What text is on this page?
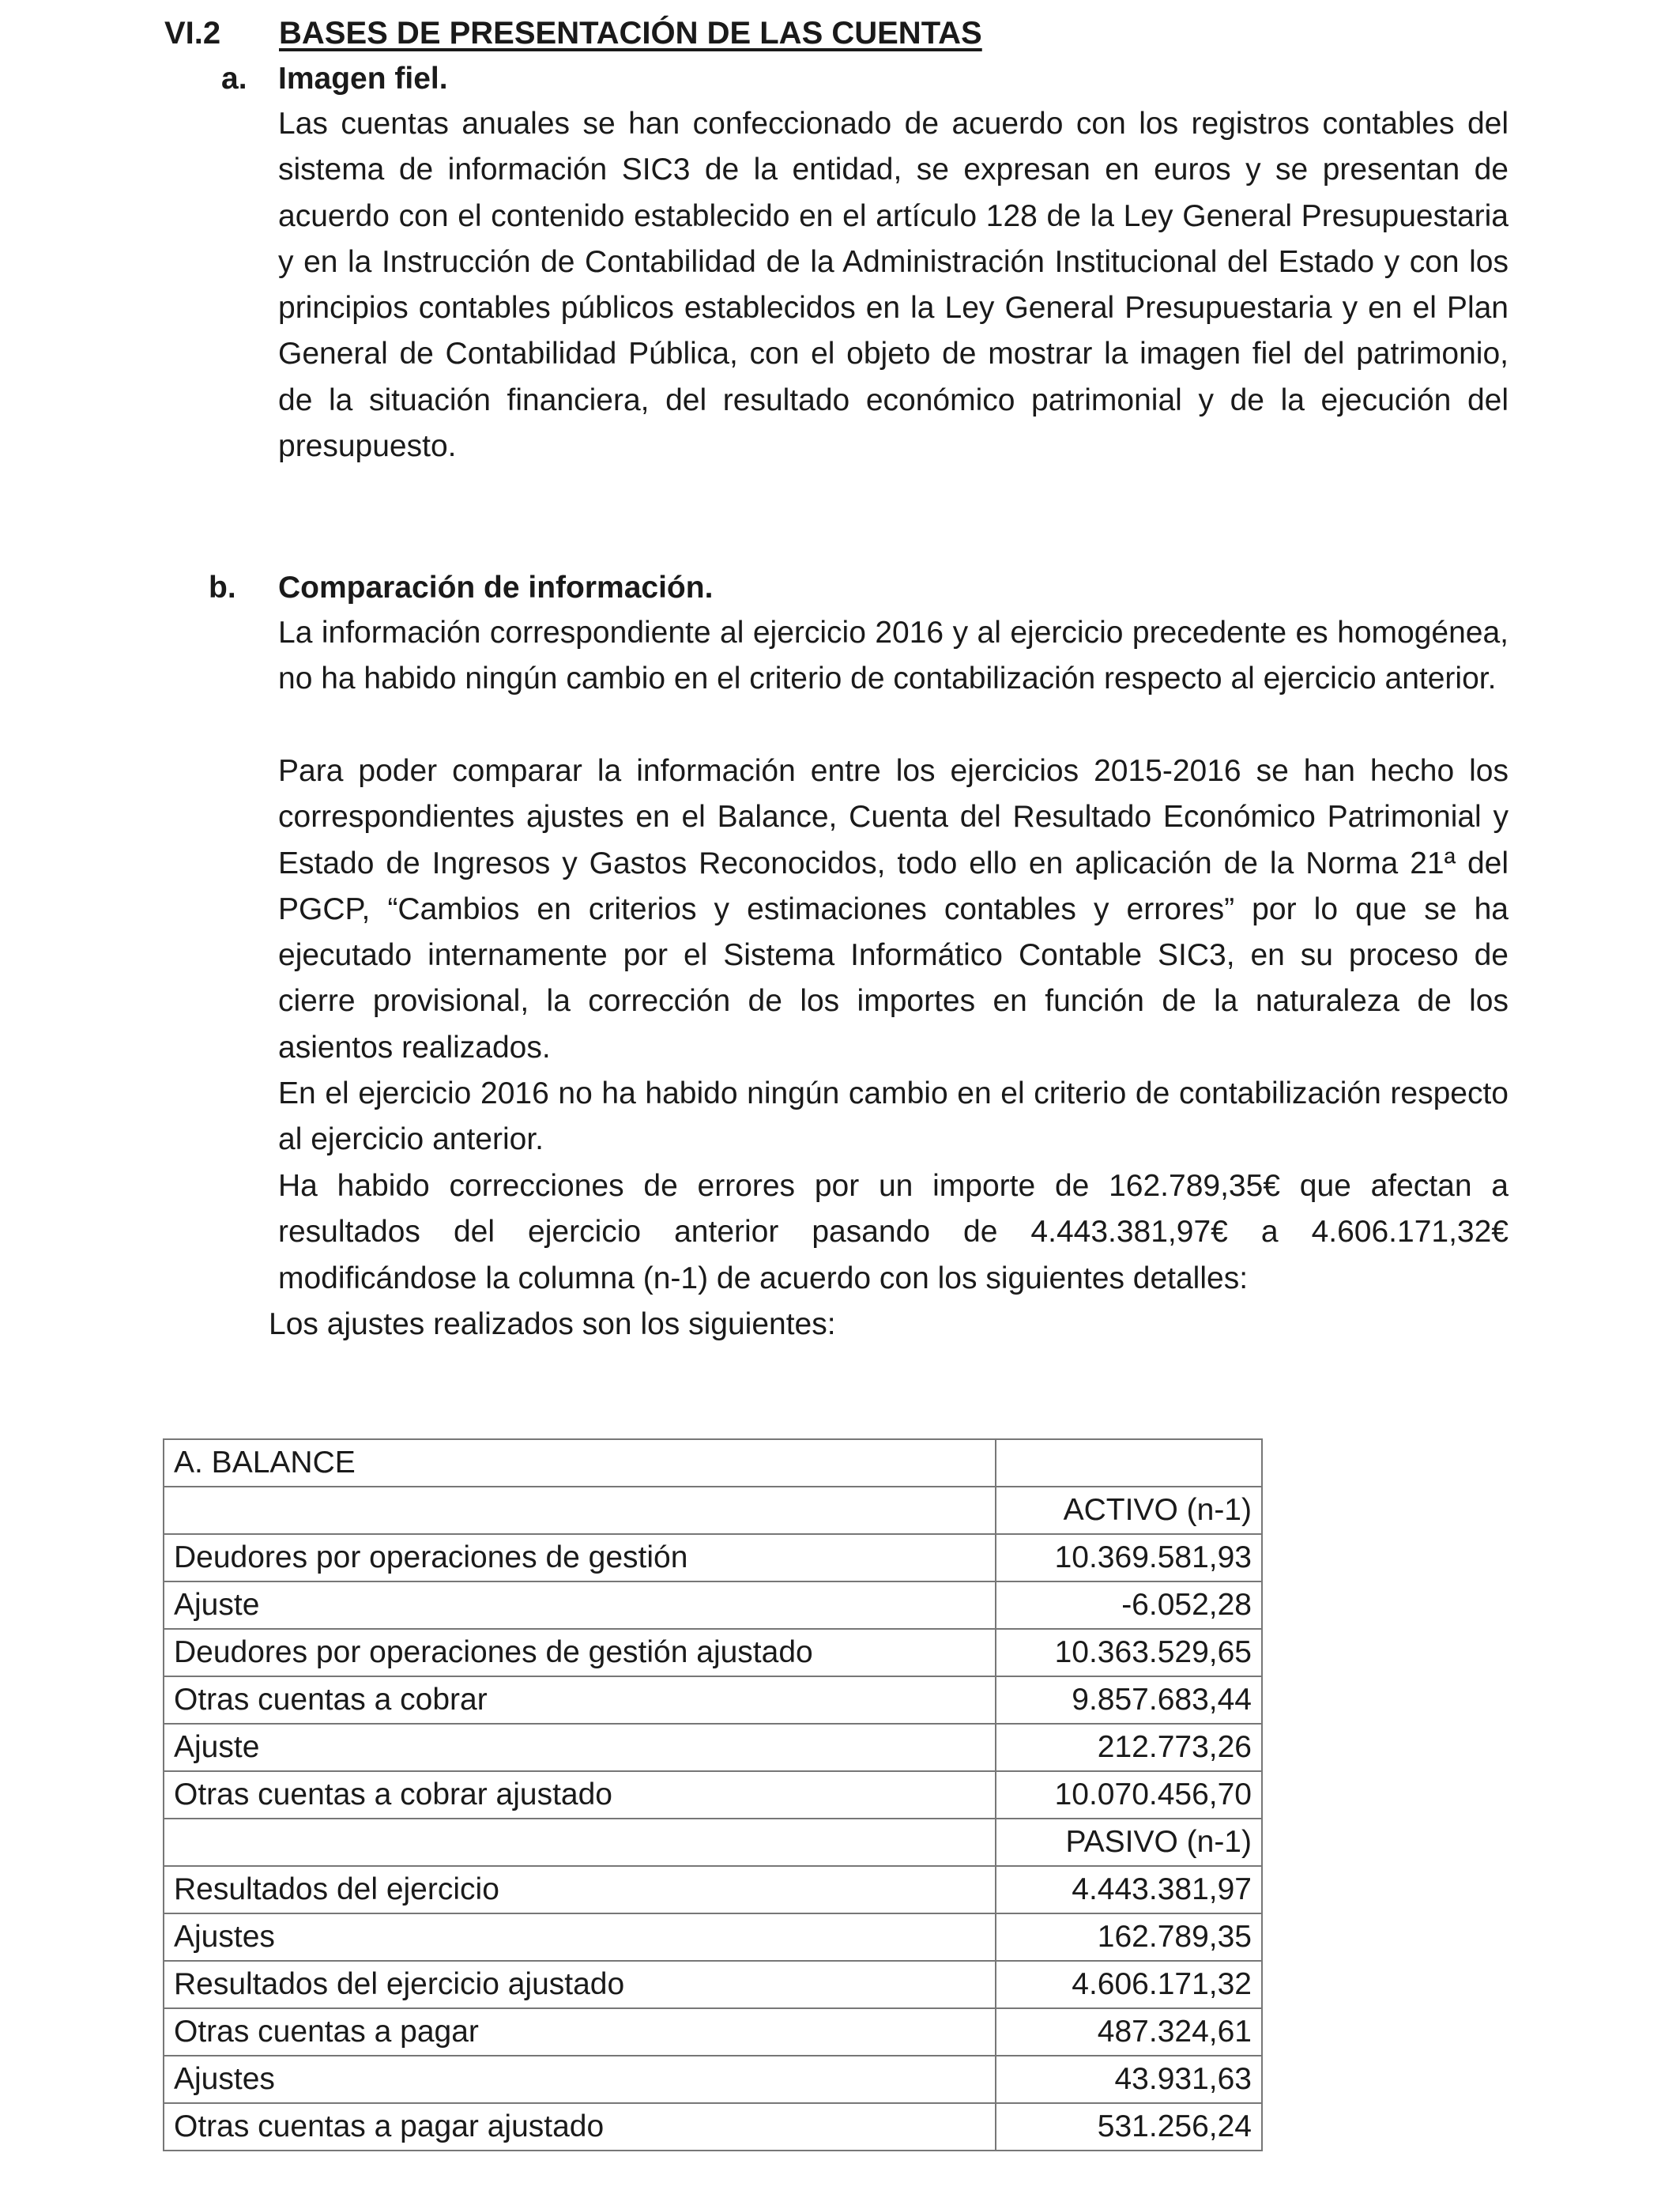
VI.2 BASES DE PRESENTACIÓN DE LAS CUENTAS
a. Imagen fiel.

Las cuentas anuales se han confeccionado de acuerdo con los registros contables del sistema de información SIC3 de la entidad, se expresan en euros y se presentan de acuerdo con el contenido establecido en el artículo 128 de la Ley General Presupuestaria y en la Instrucción de Contabilidad de la Administración Institucional del Estado y con los principios contables públicos establecidos en la Ley General Presupuestaria y en el Plan General de Contabilidad Pública, con el objeto de mostrar la imagen fiel del patrimonio, de la situación financiera, del resultado económico patrimonial y de la ejecución del presupuesto.

b. Comparación de información.

La información correspondiente al ejercicio 2016 y al ejercicio precedente es homogénea, no ha habido ningún cambio en el criterio de contabilización respecto al ejercicio anterior.

Para poder comparar la información entre los ejercicios 2015-2016 se han hecho los correspondientes ajustes en el Balance, Cuenta del Resultado Económico Patrimonial y Estado de Ingresos y Gastos Reconocidos, todo ello en aplicación de la Norma 21ª del PGCP, “Cambios en criterios y estimaciones contables y errores” por lo que se ha ejecutado internamente por el Sistema Informático Contable SIC3, en su proceso de cierre provisional, la corrección de los importes en función de la naturaleza de los asientos realizados.

En el ejercicio 2016 no ha habido ningún cambio en el criterio de contabilización respecto al ejercicio anterior.

Ha habido correcciones de errores por un importe de 162.789,35€ que afectan a resultados del ejercicio anterior pasando de 4.443.381,97€ a 4.606.171,32€ modificándose la columna (n-1) de acuerdo con los siguientes detalles:

Los ajustes realizados son los siguientes:

A. BALANCE	
	ACTIVO (n-1)
Deudores por operaciones de gestión	10.369.581,93
Ajuste	-6.052,28
Deudores por operaciones de gestión ajustado	10.363.529,65
Otras cuentas a cobrar	9.857.683,44
Ajuste	212.773,26
Otras cuentas a cobrar ajustado	10.070.456,70
	PASIVO (n-1)
Resultados del ejercicio	4.443.381,97
Ajustes	162.789,35
Resultados del ejercicio ajustado	4.606.171,32
Otras cuentas a pagar	487.324,61
Ajustes	43.931,63
Otras cuentas a pagar ajustado	531.256,24
